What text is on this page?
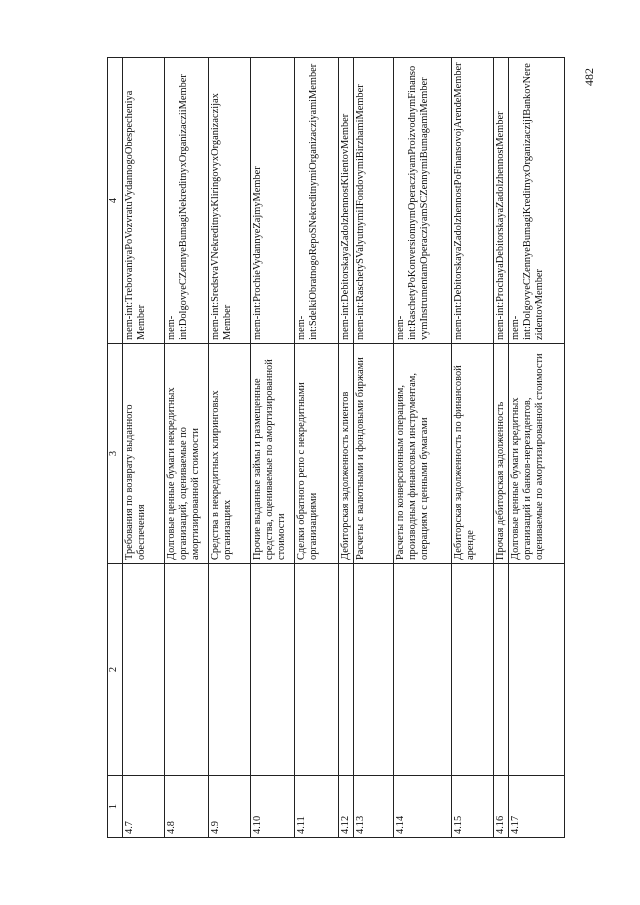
482
1	2	3	4
4.7		Требования по возврату выданного обеспечения	mem-int:TrebovaniyaPoVozvratuVydannogoObespecheniya Member
4.8		Долговые ценные бумаги некредитных организаций, оцениваемые по амортизированной стоимости	mem-int:DolgovyeCZennyeBumagiNekreditnyxOrganizacziiMember
4.9		Средства в некредитных клиринговых организациях	mem-int:SredstvaVNekreditnyxKliringovyxOrganizaczijax Member
4.10		Прочие выданные займы и размещенные средства, оцениваемые по амортизированной стоимости	mem-int:ProchieVydannyeZajmyMember
4.11		Сделки обратного репо с некредитными организациями	mem-int:SdelkiObratnogoRepoSNekreditnymiOrganizacziyamiMember
4.12		Дебиторская задолженность клиентов	mem-int:DebitorskayaZadolzhennostKlientovMember
4.13		Расчеты с валютными и фондовыми биржами	mem-int:RaschetySValyutnymiIFondovymiBirzhamiMember
4.14		Расчеты по конверсионным операциям, производным финансовым инструментам, операциям с ценными бумагами	mem-int:RaschetyPoKonversionnymOperacziyamProizvodnymFinansovymInstrumentamOperacziyamSCZennymiBumagamiMember
4.15		Дебиторская задолженность по финансовой аренде	mem-int:DebitorskayaZadolzhennostPoFinansovojArendeMember
4.16		Прочая дебиторская задолженность	mem-int:ProchayaDebitorskayaZadolzhennostMember
4.17		Долговые ценные бумаги кредитных организаций и банков-нерезидентов, оцениваемые по амортизированной стоимости	mem-int:DolgovyeCZennyeBumagiKreditnyxOrganizaczijIBankovNerezidentovMember
